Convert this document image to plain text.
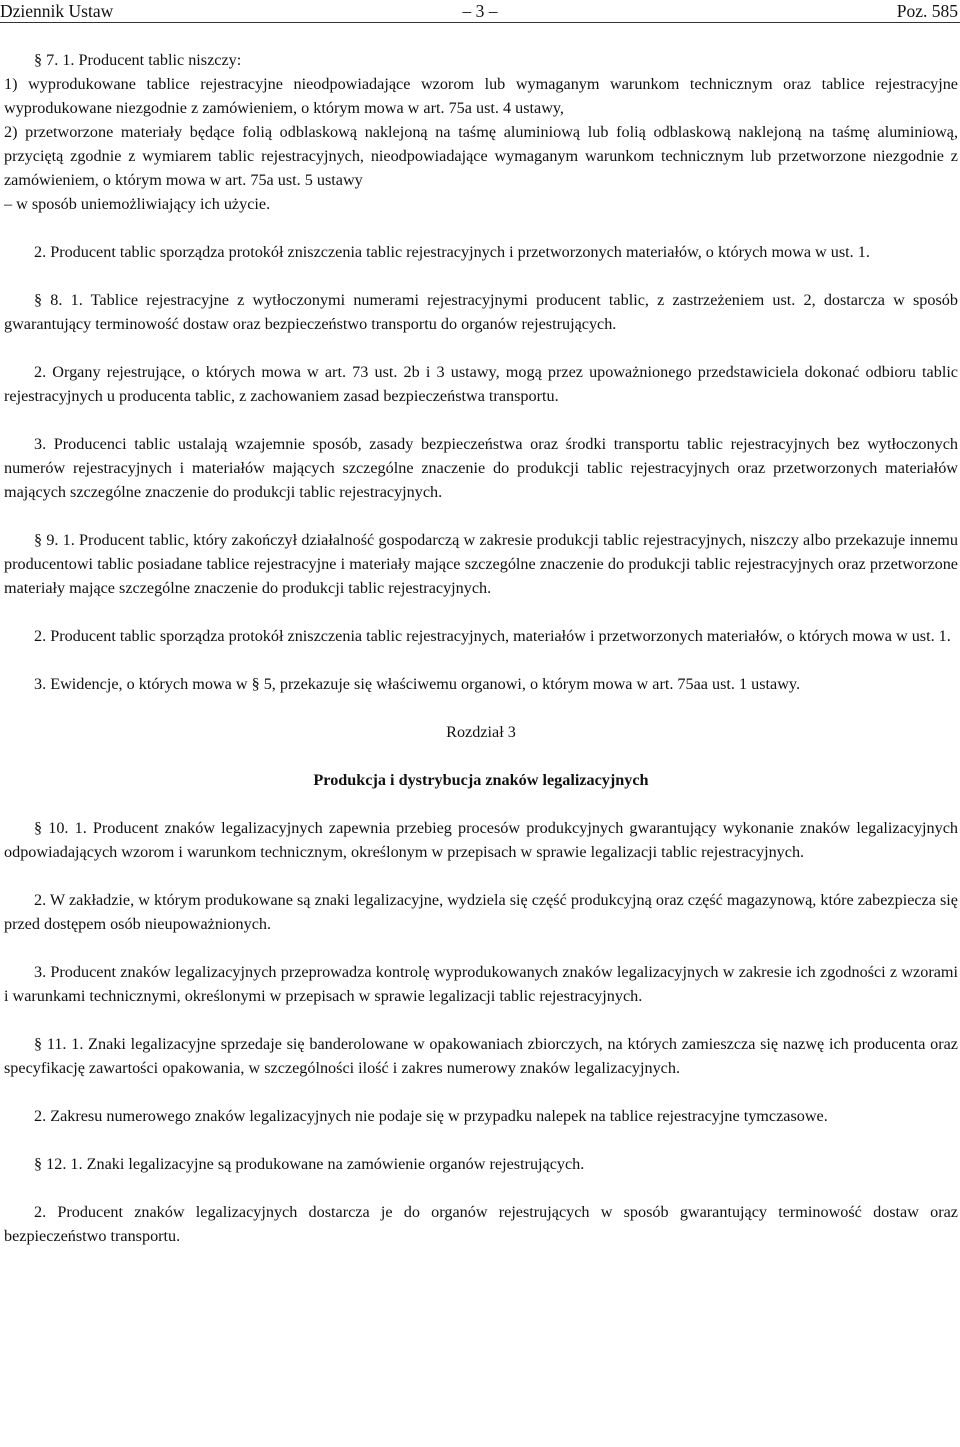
Dziennik Ustaw	– 3 –	Poz. 585

§ 7. 1. Producent tablic niszczy:

1) wyprodukowane tablice rejestracyjne nieodpowiadające wzorom lub wymaganym warunkom technicznym oraz tablice rejestracyjne wyprodukowane niezgodnie z zamówieniem, o którym mowa w art. 75a ust. 4 ustawy,

2) przetworzone materiały będące folią odblaskową naklejoną na taśmę aluminiową lub folią odblaskową naklejoną na taśmę aluminiową, przyciętą zgodnie z wymiarem tablic rejestracyjnych, nieodpowiadające wymaganym warunkom technicznym lub przetworzone niezgodnie z zamówieniem, o którym mowa w art. 75a ust. 5 ustawy

– w sposób uniemożliwiający ich użycie.

2. Producent tablic sporządza protokół zniszczenia tablic rejestracyjnych i przetworzonych materiałów, o których mowa w ust. 1.

§ 8. 1. Tablice rejestracyjne z wytłoczonymi numerami rejestracyjnymi producent tablic, z zastrzeżeniem ust. 2, dostarcza w sposób gwarantujący terminowość dostaw oraz bezpieczeństwo transportu do organów rejestrujących.

2. Organy rejestrujące, o których mowa w art. 73 ust. 2b i 3 ustawy, mogą przez upoważnionego przedstawiciela dokonać odbioru tablic rejestracyjnych u producenta tablic, z zachowaniem zasad bezpieczeństwa transportu.

3. Producenci tablic ustalają wzajemnie sposób, zasady bezpieczeństwa oraz środki transportu tablic rejestracyjnych bez wytłoczonych numerów rejestracyjnych i materiałów mających szczególne znaczenie do produkcji tablic rejestracyjnych oraz przetworzonych materiałów mających szczególne znaczenie do produkcji tablic rejestracyjnych.

§ 9. 1. Producent tablic, który zakończył działalność gospodarczą w zakresie produkcji tablic rejestracyjnych, niszczy albo przekazuje innemu producentowi tablic posiadane tablice rejestracyjne i materiały mające szczególne znaczenie do produkcji tablic rejestracyjnych oraz przetworzone materiały mające szczególne znaczenie do produkcji tablic rejestracyjnych.

2. Producent tablic sporządza protokół zniszczenia tablic rejestracyjnych, materiałów i przetworzonych materiałów, o których mowa w ust. 1.

3. Ewidencje, o których mowa w § 5, przekazuje się właściwemu organowi, o którym mowa w art. 75aa ust. 1 ustawy.

Rozdział 3

Produkcja i dystrybucja znaków legalizacyjnych

§ 10. 1. Producent znaków legalizacyjnych zapewnia przebieg procesów produkcyjnych gwarantujący wykonanie znaków legalizacyjnych odpowiadających wzorom i warunkom technicznym, określonym w przepisach w sprawie legalizacji tablic rejestracyjnych.

2. W zakładzie, w którym produkowane są znaki legalizacyjne, wydziela się część produkcyjną oraz część magazynową, które zabezpiecza się przed dostępem osób nieupoważnionych.

3. Producent znaków legalizacyjnych przeprowadza kontrolę wyprodukowanych znaków legalizacyjnych w zakresie ich zgodności z wzorami i warunkami technicznymi, określonymi w przepisach w sprawie legalizacji tablic rejestracyjnych.

§ 11. 1. Znaki legalizacyjne sprzedaje się banderolowane w opakowaniach zbiorczych, na których zamieszcza się nazwę ich producenta oraz specyfikację zawartości opakowania, w szczególności ilość i zakres numerowy znaków legalizacyjnych.

2. Zakresu numerowego znaków legalizacyjnych nie podaje się w przypadku nalepek na tablice rejestracyjne tymczasowe.

§ 12. 1. Znaki legalizacyjne są produkowane na zamówienie organów rejestrujących.

2. Producent znaków legalizacyjnych dostarcza je do organów rejestrujących w sposób gwarantujący terminowość dostaw oraz bezpieczeństwo transportu.
